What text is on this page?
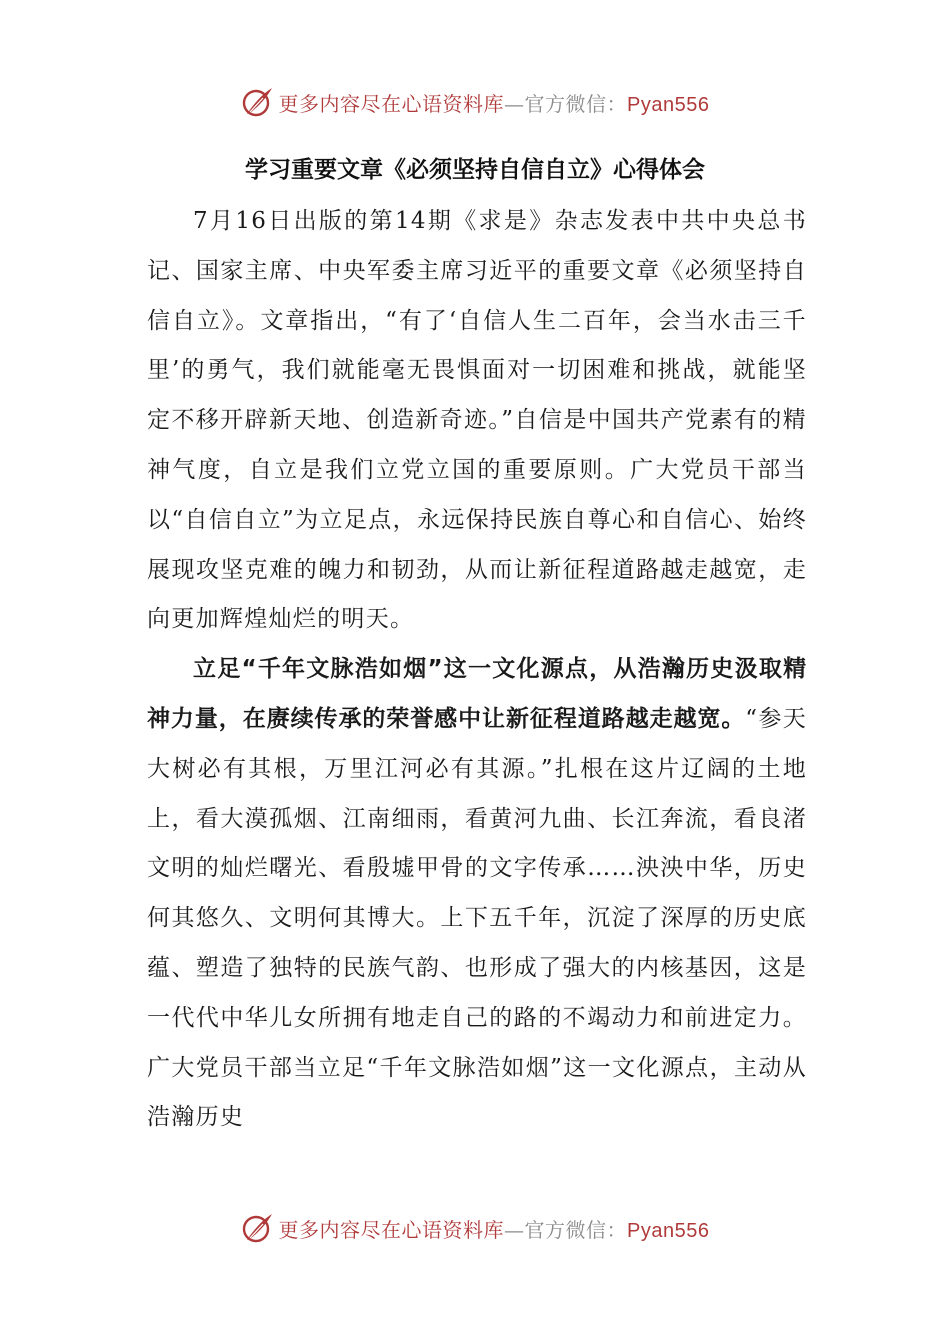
更多内容尽在心语资料库—官方微信：Pyan556
学习重要文章《必须坚持自信自立》心得体会

7月16日出版的第14期《求是》杂志发表中共中央总书记、国家主席、中央军委主席习近平的重要文章《必须坚持自信自立》。文章指出，“有了‘自信人生二百年，会当水击三千里’的勇气，我们就能毫无畏惧面对一切困难和挑战，就能坚定不移开辟新天地、创造新奇迹。”自信是中国共产党素有的精神气度，自立是我们立党立国的重要原则。广大党员干部当以“自信自立”为立足点，永远保持民族自尊心和自信心、始终展现攻坚克难的魄力和韧劲，从而让新征程道路越走越宽，走向更加辉煌灿烂的明天。

立足“千年文脉浩如烟”这一文化源点，从浩瀚历史汲取精神力量，在赓续传承的荣誉感中让新征程道路越走越宽。“参天大树必有其根，万里江河必有其源。”扎根在这片辽阔的土地上，看大漠孤烟、江南细雨，看黄河九曲、长江奔流，看良渚文明的灿烂曙光、看殷墟甲骨的文字传承……泱泱中华，历史何其悠久、文明何其博大。上下五千年，沉淀了深厚的历史底蕴、塑造了独特的民族气韵、也形成了强大的内核基因，这是一代代中华儿女所拥有地走自己的路的不竭动力和前进定力。广大党员干部当立足“千年文脉浩如烟”这一文化源点，主动从浩瀚历史

更多内容尽在心语资料库—官方微信：Pyan556
